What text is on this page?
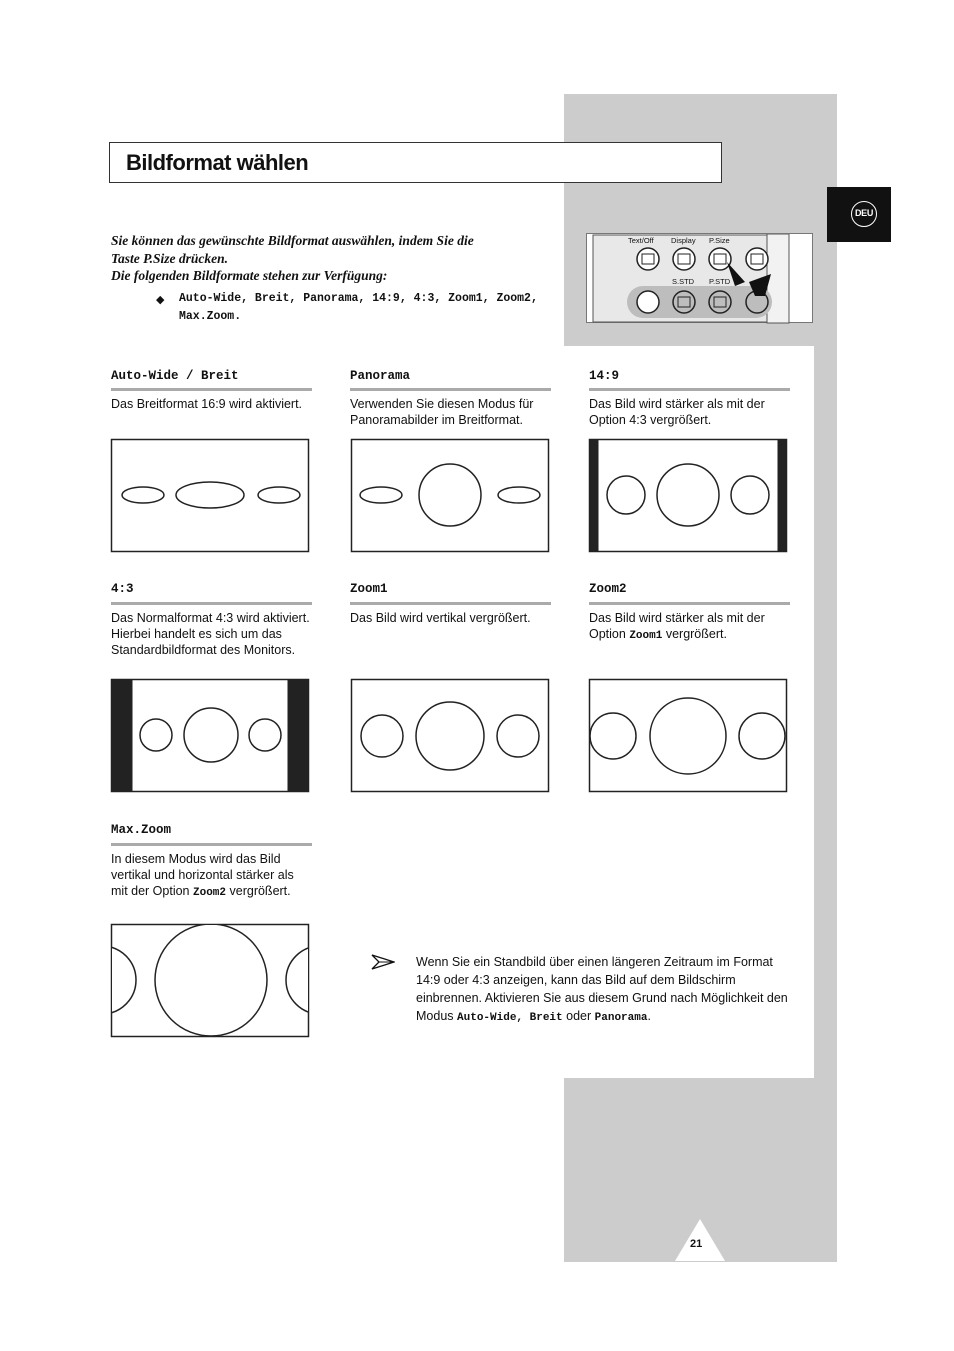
Bildformat wählen
DEU

Sie können das gewünschte Bildformat auswählen, indem Sie die

Taste P.Size drücken.

Die folgenden Bildformate stehen zur Verfügung:

◆ Auto-Wide, Breit, Panorama, 14:9, 4:3, Zoom1, Zoom2, Max.Zoom.
Text/Off Display P.Size
S.STD P.STD
Auto-Wide / Breit
Das Breitformat 16:9 wird aktiviert.
Panorama
Verwenden Sie diesen Modus für Panoramabilder im Breitformat.
14:9
Das Bild wird stärker als mit der Option 4:3 vergrößert.
4:3
Das Normalformat 4:3 wird aktiviert. Hierbei handelt es sich um das Standardbildformat des Monitors.
Zoom1
Das Bild wird vertikal vergrößert.
Zoom2
Das Bild wird stärker als mit der Option Zoom1 vergrößert.
Max.Zoom
In diesem Modus wird das Bild vertikal und horizontal stärker als mit der Option Zoom2 vergrößert.
Wenn Sie ein Standbild über einen längeren Zeitraum im Format 14:9 oder 4:3 anzeigen, kann das Bild auf dem Bildschirm einbrennen. Aktivieren Sie aus diesem Grund nach Möglichkeit den Modus Auto-Wide, Breit oder Panorama.
21
